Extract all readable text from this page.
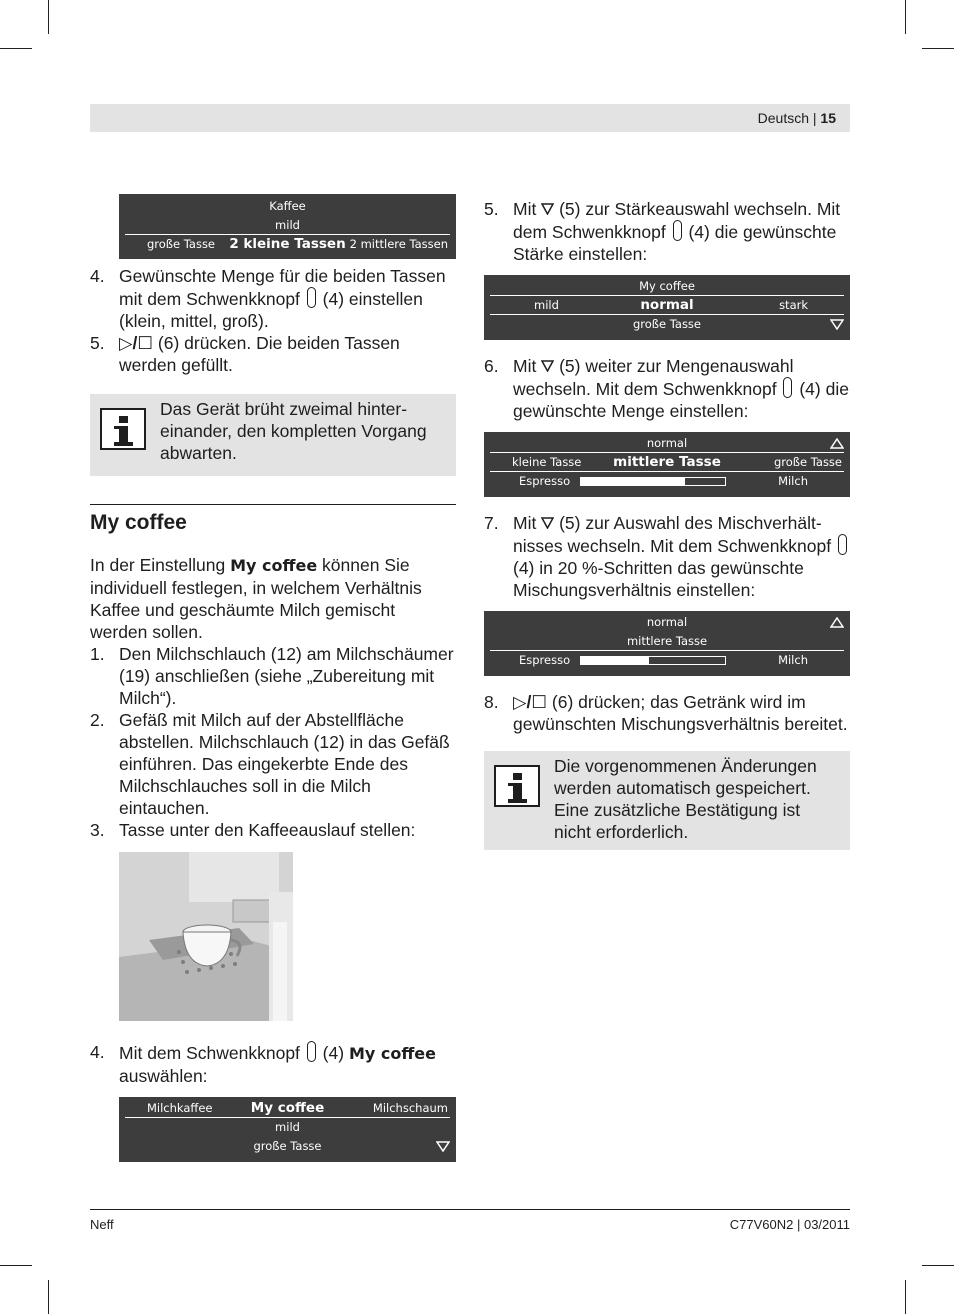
Deutsch | 15
Kaffee
mild
große Tasse 2 kleine Tassen 2 mittlere Tassen
4. Gewünschte Menge für die beiden Tassen mit dem Schwenkknopf (4) einstellen (klein, mittel, groß).
5. ▷/☐ (6) drücken. Die beiden Tassen werden gefüllt.
Das Gerät brüht zweimal hintereinander, den kompletten Vorgang abwarten.
My coffee
In der Einstellung My coffee können Sie individuell festlegen, in welchem Verhältnis Kaffee und geschäumte Milch gemischt werden sollen.
1. Den Milchschlauch (12) am Milchschäumer (19) anschließen (siehe „Zubereitung mit Milch“).
2. Gefäß mit Milch auf der Abstellfläche abstellen. Milchschlauch (12) in das Gefäß einführen. Das eingekerbte Ende des Milchschlauches soll in die Milch eintauchen.
3. Tasse unter den Kaffeeauslauf stellen:
4. Mit dem Schwenkknopf (4) My coffee auswählen:
Milchkaffee	My coffee	Milchschaum
mild
große Tasse
5. Mit (5) zur Stärkeauswahl wechseln. Mit dem Schwenkknopf (4) die gewünschte Stärke einstellen:
My coffee
mild	normal	stark
große Tasse
6. Mit (5) weiter zur Mengenauswahl wechseln. Mit dem Schwenkknopf (4) die gewünschte Menge einstellen:
normal
kleine Tasse mittlere Tasse	große Tasse
Espresso	Milch
7. Mit (5) zur Auswahl des Mischverhältnisses wechseln. Mit dem Schwenkknopf  (4) in 20 %-Schritten das gewünschte Mischungsverhältnis einstellen:
normal
mittlere Tasse
Espresso	Milch
8. ▷/☐ (6) drücken; das Getränk wird im gewünschten Mischungsverhältnis bereitet.
Die vorgenommenen Änderungen werden automatisch gespeichert. Eine zusätzliche Bestätigung ist nicht erforderlich.
Neff	C77V60N2 | 03/2011
